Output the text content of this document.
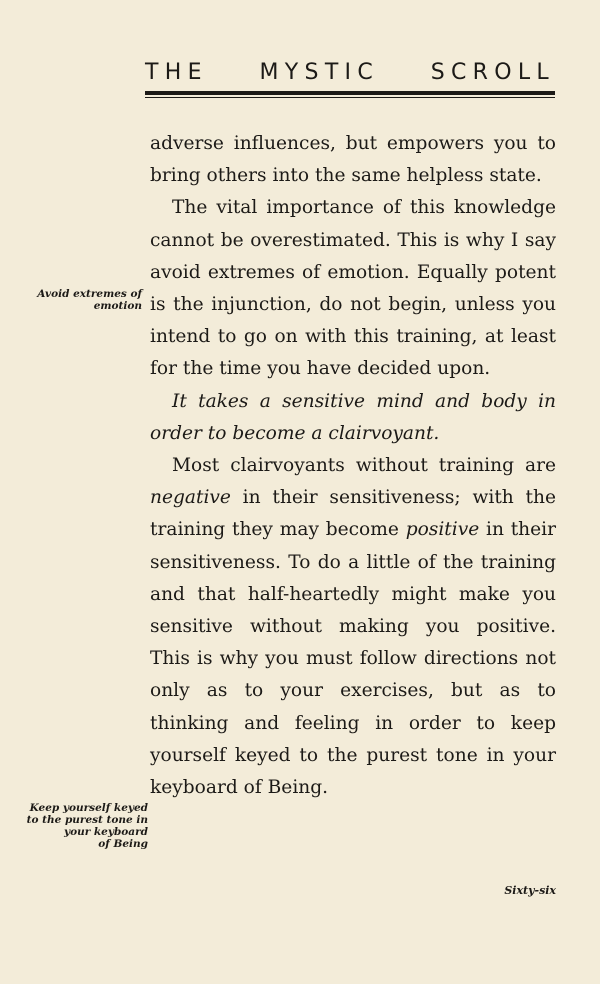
THE MYSTIC SCROLL

adverse influences, but empowers you to bring others into the same helpless state.

The vital importance of this knowledge cannot be overestimated. This is why I say avoid extremes of emotion. Equally potent is the injunction, do not begin, unless you intend to go on with this training, at least for the time you have decided upon.

It takes a sensitive mind and body in order to become a clairvoyant.

Most clairvoyants without training are negative in their sensitiveness; with the training they may become positive in their sensitiveness. To do a little of the training and that half-heartedly might make you sensitive without making you positive. This is why you must follow directions not only as to your exercises, but as to thinking and feeling in order to keep yourself keyed to the purest tone in your keyboard of Being.

Avoid extremes of
emotion
Keep yourself keyed
to the purest tone in
your keyboard
of Being
Sixty-six
